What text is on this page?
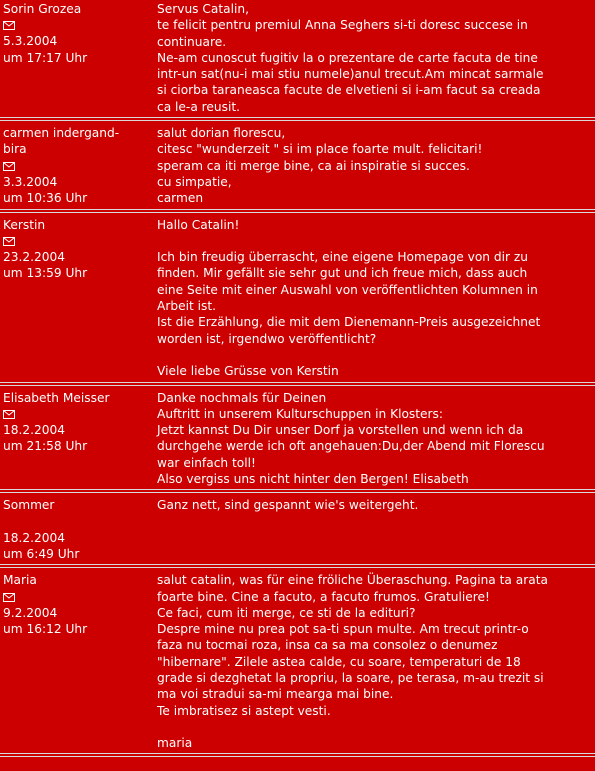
Sorin Grozea
5.3.2004
um 17:17 Uhr
Servus Catalin,
te felicit pentru premiul Anna Seghers si-ti doresc succese in
continuare.
Ne-am cunoscut fugitiv la o prezentare de carte facuta de tine
intr-un sat(nu-i mai stiu numele)anul trecut.Am mincat sarmale
si ciorba taraneasca facute de elvetieni si i-am facut sa creada
ca le-a reusit.
carmen indergand-
bira
3.3.2004
um 10:36 Uhr
salut dorian florescu,
citesc "wunderzeit " si im place foarte mult. felicitari!
speram ca iti merge bine, ca ai inspiratie si succes.
cu simpatie,
carmen
Kerstin
23.2.2004
um 13:59 Uhr
Hallo Catalin!

Ich bin freudig überrascht, eine eigene Homepage von dir zu
finden. Mir gefällt sie sehr gut und ich freue mich, dass auch
eine Seite mit einer Auswahl von veröffentlichten Kolumnen in
Arbeit ist.
Ist die Erzählung, die mit dem Dienemann-Preis ausgezeichnet
worden ist, irgendwo veröffentlicht?

Viele liebe Grüsse von Kerstin
Elisabeth Meisser
18.2.2004
um 21:58 Uhr
Danke nochmals für Deinen
Auftritt in unserem Kulturschuppen in Klosters:
Jetzt kannst Du Dir unser Dorf ja vorstellen und wenn ich da
durchgehe werde ich oft angehauen:Du,der Abend mit Florescu
war einfach toll!
Also vergiss uns nicht hinter den Bergen! Elisabeth
Sommer
18.2.2004
um 6:49 Uhr
Ganz nett, sind gespannt wie's weitergeht.
Maria
9.2.2004
um 16:12 Uhr
salut catalin, was für eine fröliche Überaschung. Pagina ta arata
foarte bine. Cine a facuto, a facuto frumos. Gratuliere!
Ce faci, cum iti merge, ce sti de la edituri?
Despre mine nu prea pot sa-ti spun multe. Am trecut printr-o
faza nu tocmai roza, insa ca sa ma consolez o denumez
"hibernare". Zilele astea calde, cu soare, temperaturi de 18
grade si dezghetat la propriu, la soare, pe terasa, m-au trezit si
ma voi stradui sa-mi mearga mai bine.
Te imbratisez si astept vesti.

maria
